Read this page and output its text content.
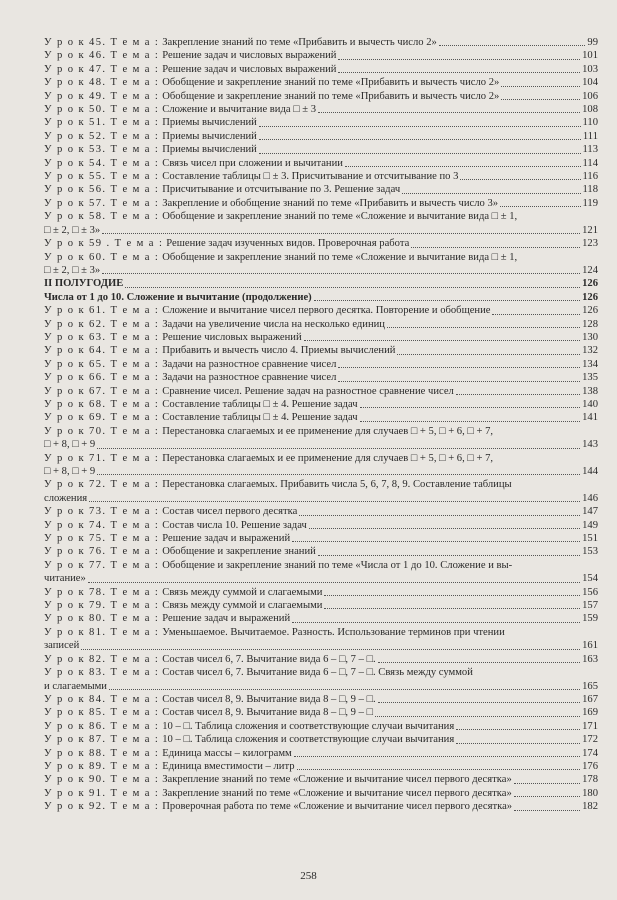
У р о к 45. Т е м а : Закрепление знаний по теме «Прибавить и вычесть число 2»	99
У р о к 46. Т е м а : Решение задач и числовых выражений	101
У р о к 47. Т е м а : Решение задач и числовых выражений	103
У р о к 48. Т е м а : Обобщение и закрепление знаний по теме «Прибавить и вычесть число 2»	104
У р о к 49. Т е м а : Обобщение и закрепление знаний по теме «Прибавить и вычесть число 2»	106
У р о к 50. Т е м а : Сложение и вычитание вида □ ± 3	108
У р о к 51. Т е м а : Приемы вычислений	110
У р о к 52. Т е м а : Приемы вычислений	111
У р о к 53. Т е м а : Приемы вычислений	113
У р о к 54. Т е м а : Связь чисел при сложении и вычитании	114
У р о к 55. Т е м а : Составление таблицы □ ± 3. Присчитывание и отсчитывание по 3	116
У р о к 56. Т е м а : Присчитывание и отсчитывание по 3. Решение задач	118
У р о к 57. Т е м а : Закрепление и обобщение знаний по теме «Прибавить и вычесть число 3»	119
У р о к 58. Т е м а : Обобщение и закрепление знаний по теме «Сложение и вычитание вида □ ± 1,
□ ± 2, □ ± 3»	121
У р о к 59 . Т е м а : Решение задач изученных видов. Проверочная работа	123
У р о к 60. Т е м а : Обобщение и закрепление знаний по теме «Сложение и вычитание вида □ ± 1,
□ ± 2, □ ± 3»	124
II ПОЛУГОДИЕ	126
Числа от 1 до 10. Сложение и вычитание (продолжение)	126
У р о к 61. Т е м а : Сложение и вычитание чисел первого десятка. Повторение и обобщение	126
У р о к 62. Т е м а : Задачи на увеличение числа на несколько единиц	128
У р о к 63. Т е м а : Решение числовых выражений	130
У р о к 64. Т е м а : Прибавить и вычесть число 4. Приемы вычислений	132
У р о к 65. Т е м а : Задачи на разностное сравнение чисел	134
У р о к 66. Т е м а : Задачи на разностное сравнение чисел	135
У р о к 67. Т е м а : Сравнение чисел. Решение задач на разностное сравнение чисел	138
У р о к 68. Т е м а : Составление таблицы □ ± 4. Решение задач	140
У р о к 69. Т е м а : Составление таблицы □ ± 4. Решение задач	141
У р о к 70. Т е м а : Перестановка слагаемых и ее применение для случаев □ + 5, □ + 6, □ + 7,
□ + 8, □ + 9	143
У р о к 71. Т е м а : Перестановка слагаемых и ее применение для случаев □ + 5, □ + 6, □ + 7,
□ + 8, □ + 9	144
У р о к 72. Т е м а : Перестановка слагаемых. Прибавить числа 5, 6, 7, 8, 9. Составление таблицы
сложения	146
У р о к 73. Т е м а : Состав чисел первого десятка	147
У р о к 74. Т е м а : Состав числа 10. Решение задач	149
У р о к 75. Т е м а : Решение задач и выражений	151
У р о к 76. Т е м а : Обобщение и закрепление знаний	153
У р о к 77. Т е м а : Обобщение и закрепление знаний по теме «Числа от 1 до 10. Сложение и вы-
читание»	154
У р о к 78. Т е м а : Связь между суммой и слагаемыми	156
У р о к 79. Т е м а : Связь между суммой и слагаемыми	157
У р о к 80. Т е м а : Решение задач и выражений	159
У р о к 81. Т е м а : Уменьшаемое. Вычитаемое. Разность. Использование терминов при чтении
записей	161
У р о к 82. Т е м а : Состав чисел 6, 7. Вычитание вида 6 – □, 7 – □.	163
У р о к 83. Т е м а : Состав чисел 6, 7. Вычитание вида 6 – □, 7 – □. Связь между суммой
и слагаемыми	165
У р о к 84. Т е м а : Состав чисел 8, 9. Вычитание вида 8 – □, 9 – □.	167
У р о к 85. Т е м а : Состав чисел 8, 9. Вычитание вида 8 – □, 9 – □	169
У р о к 86. Т е м а : 10 – □. Таблица сложения и соответствующие случаи вычитания	171
У р о к 87. Т е м а : 10 – □. Таблица сложения и соответствующие случаи вычитания	172
У р о к 88. Т е м а : Единица массы – килограмм	174
У р о к 89. Т е м а : Единица вместимости – литр	176
У р о к 90. Т е м а : Закрепление знаний по теме «Сложение и вычитание чисел первого десятка»	178
У р о к 91. Т е м а : Закрепление знаний по теме «Сложение и вычитание чисел первого десятка»	180
У р о к 92. Т е м а : Проверочная работа по теме «Сложение и вычитание чисел первого десятка»	182
258
